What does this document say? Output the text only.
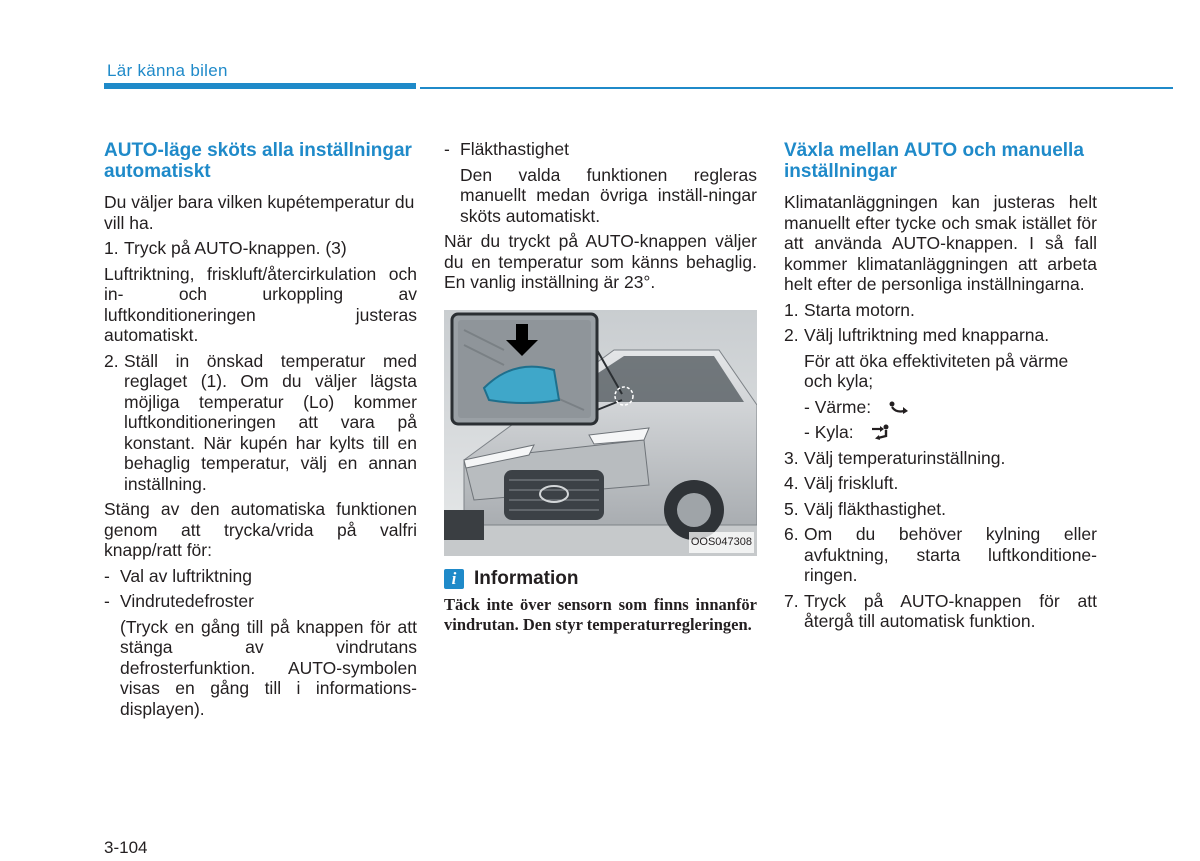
Lär känna bilen
AUTO-läge sköts alla inställningar automatiskt

Du väljer bara vilken kupétemperatur du vill ha.

1. Tryck på AUTO-knappen. (3)

Luftriktning, friskluft/återcirkulation och in- och urkoppling av luftkonditioneringen justeras automatiskt.

2. Ställ in önskad temperatur med reglaget (1). Om du väljer lägsta möjliga temperatur (Lo) kommer luftkonditioneringen att vara på konstant. När kupén har kylts till en behaglig temperatur, välj en annan inställning.

Stäng av den automatiska funktionen genom att trycka/vrida på valfri knapp/ratt för:

- Val av luftriktning
- Vindrutedefroster

(Tryck en gång till på knappen för att stänga av vindrutans defrosterfunktion. AUTO-symbolen visas en gång till i informations-displayen).

- Fläkthastighet

Den valda funktionen regleras manuellt medan övriga inställ-ningar sköts automatiskt.

När du tryckt på AUTO-knappen väljer du en temperatur som känns behaglig. En vanlig inställning är 23°.

OOS047308
i Information
Täck inte över sensorn som finns innanför vindrutan. Den styr temperaturregleringen.
Växla mellan AUTO och manuella inställningar

Klimatanläggningen kan justeras helt manuellt efter tycke och smak istället för att använda AUTO-knappen. I så fall kommer klimatanläggningen att arbeta helt efter de personliga inställningarna.

1. Starta motorn.
2. Välj luftriktning med knapparna.

För att öka effektiviteten på värme och kyla;

- Värme:

- Kyla:

3. Välj temperaturinställning.
4. Välj friskluft.
5. Välj fläkthastighet.
6. Om du behöver kylning eller avfuktning, starta luftkonditione-ringen.
7. Tryck på AUTO-knappen för att återgå till automatisk funktion.
3-104
